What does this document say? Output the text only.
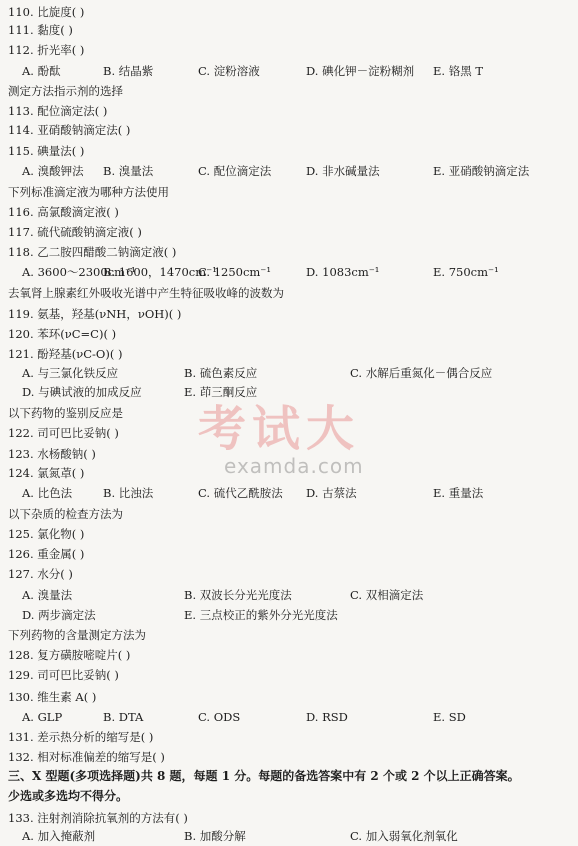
110. 比旋度( )
111. 黏度( )
112. 折光率( )
A. 酚酞	B. 结晶紫	C. 淀粉溶液	D. 碘化钾－淀粉糊剂 E. 铬黑 T
测定方法指示剂的选择
113. 配位滴定法( )
114. 亚硝酸钠滴定法( )
115. 碘量法( )
A. 溴酸钾法 B. 溴量法	C. 配位滴定法	D. 非水碱量法	E. 亚硝酸钠滴定法
下列标准滴定液为哪种方法使用
116. 高氯酸滴定液( )
117. 硫代硫酸钠滴定液( )
118. 乙二胺四醋酸二钠滴定液( )
A. 3600～2300cm⁻¹
B. 1600，1470cm⁻¹
C. 1250cm⁻¹	D. 1083cm⁻¹	E. 750cm⁻¹
去氧肾上腺素红外吸收光谱中产生特征吸收峰的波数为
119. 氨基，羟基(νNH，νOH)( )
120. 苯环(νC=C)( )
121. 酚羟基(νC-O)( )
A. 与三氯化铁反应	B. 硫色素反应	C. 水解后重氮化－偶合反应
D. 与碘试液的加成反应	E. 茚三酮反应
以下药物的鉴别反应是
122. 司可巴比妥钠( )
123. 水杨酸钠( )
124. 氯氮䓬( )
A. 比色法	B. 比浊法	C. 硫代乙酰胺法 D. 古蔡法	E. 重量法
以下杂质的检查方法为
125. 氯化物( )
126. 重金属( )
127. 水分( )
A. 溴量法	B. 双波长分光光度法	C. 双相滴定法
D. 两步滴定法	E. 三点校正的紫外分光光度法
下列药物的含量测定方法为
128. 复方磺胺嘧啶片( )
129. 司可巴比妥钠( )
130. 维生素 A( )
A. GLP	B. DTA	C. ODS	D. RSD	E. SD
131. 差示热分析的缩写是( )
132. 相对标准偏差的缩写是( )
三、X 型题(多项选择题)共 8 题，每题 1 分。每题的备选答案中有 2 个或 2 个以上正确答案。
少选或多选均不得分。
133. 注射剂消除抗氧剂的方法有( )
A. 加入掩蔽剂	B. 加酸分解	C. 加入弱氧化剂氧化
考试大
examda.com
